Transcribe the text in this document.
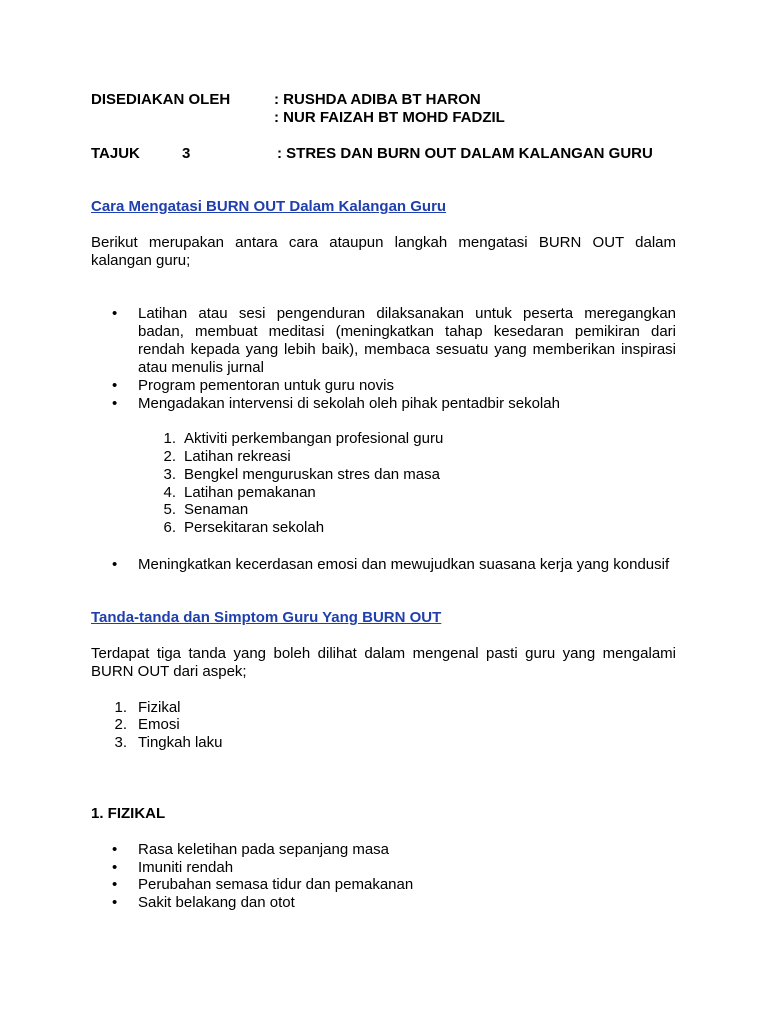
DISEDIAKAN OLEH	: RUSHDA ADIBA BT HARON
: NUR FAIZAH BT MOHD FADZIL
TAJUK	3	: STRES DAN BURN OUT DALAM KALANGAN GURU
Cara Mengatasi BURN OUT Dalam Kalangan Guru
Berikut merupakan antara cara ataupun langkah mengatasi BURN OUT dalam kalangan guru;
•	Latihan atau sesi pengenduran dilaksanakan untuk peserta meregangkan badan, membuat meditasi (meningkatkan tahap kesedaran pemikiran dari rendah kepada yang lebih baik), membaca sesuatu yang memberikan inspirasi atau menulis jurnal
•	Program pementoran untuk guru novis
•	Mengadakan intervensi di sekolah oleh pihak pentadbir sekolah
1. Aktiviti perkembangan profesional guru
2. Latihan rekreasi
3. Bengkel menguruskan stres dan masa
4. Latihan pemakanan
5. Senaman
6. Persekitaran sekolah
•	Meningkatkan kecerdasan emosi dan mewujudkan suasana kerja yang kondusif
Tanda-tanda dan Simptom Guru Yang BURN OUT
Terdapat tiga tanda yang boleh dilihat dalam mengenal pasti guru yang mengalami BURN OUT dari aspek;
1. Fizikal
2. Emosi
3. Tingkah laku
1. FIZIKAL
•	Rasa keletihan pada sepanjang masa
•	Imuniti rendah
•	Perubahan semasa tidur dan pemakanan
•	Sakit belakang dan otot
